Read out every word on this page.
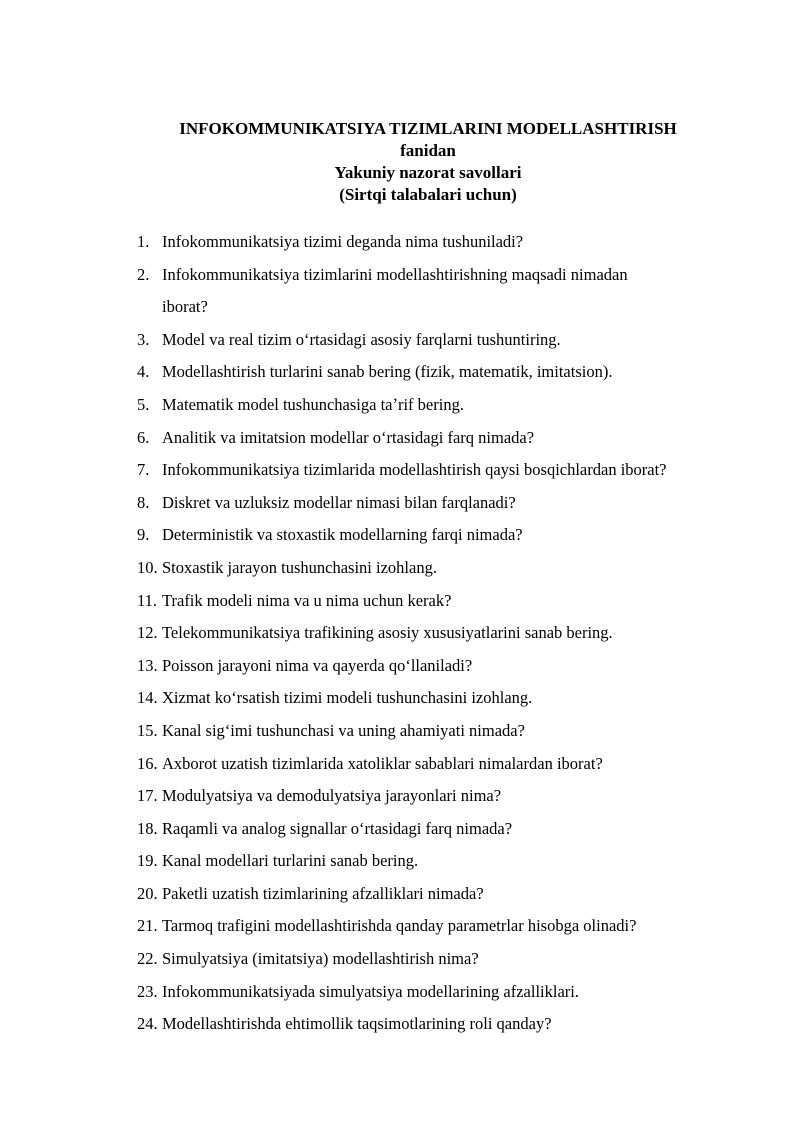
INFOKOMMUNIKATSIYA TIZIMLARINI MODELLASHTIRISH
fanidan
Yakuniy nazorat savollari
(Sirtqi talabalari uchun)
1. Infokommunikatsiya tizimi deganda nima tushuniladi?
2. Infokommunikatsiya tizimlarini modellashtirishning maqsadi nimadan
iborat?
3. Model va real tizim oʻrtasidagi asosiy farqlarni tushuntiring.
4. Modellashtirish turlarini sanab bering (fizik, matematik, imitatsion).
5. Matematik model tushunchasiga taʼrif bering.
6. Analitik va imitatsion modellar oʻrtasidagi farq nimada?
7. Infokommunikatsiya tizimlarida modellashtirish qaysi bosqichlardan iborat?
8. Diskret va uzluksiz modellar nimasi bilan farqlanadi?
9. Deterministik va stoxastik modellarning farqi nimada?
10. Stoxastik jarayon tushunchasini izohlang.
11. Trafik modeli nima va u nima uchun kerak?
12. Telekommunikatsiya trafikining asosiy xususiyatlarini sanab bering.
13. Poisson jarayoni nima va qayerda qoʻllaniladi?
14. Xizmat koʻrsatish tizimi modeli tushunchasini izohlang.
15. Kanal sigʻimi tushunchasi va uning ahamiyati nimada?
16. Axborot uzatish tizimlarida xatoliklar sabablari nimalardan iborat?
17. Modulyatsiya va demodulyatsiya jarayonlari nima?
18. Raqamli va analog signallar oʻrtasidagi farq nimada?
19. Kanal modellari turlarini sanab bering.
20. Paketli uzatish tizimlarining afzalliklari nimada?
21. Tarmoq trafigini modellashtirishda qanday parametrlar hisobga olinadi?
22. Simulyatsiya (imitatsiya) modellashtirish nima?
23. Infokommunikatsiyada simulyatsiya modellarining afzalliklari.
24. Modellashtirishda ehtimollik taqsimotlarining roli qanday?
